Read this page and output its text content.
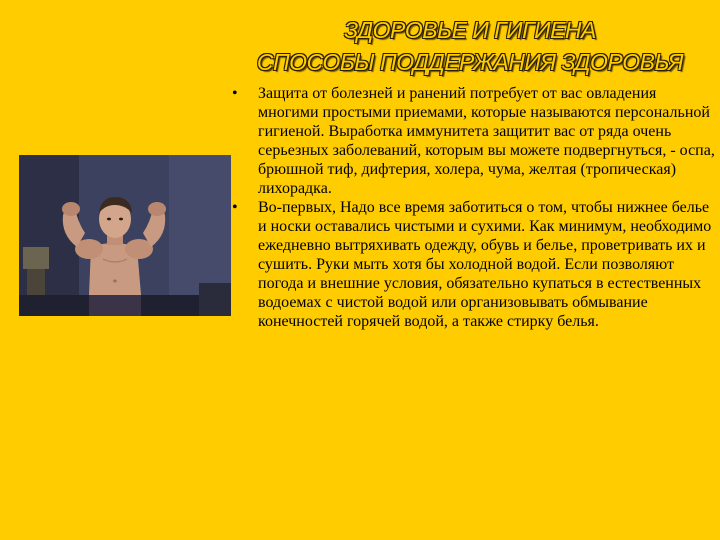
ЗДОРОВЬЕ И ГИГИЕНА
СПОСОБЫ ПОДДЕРЖАНИЯ ЗДОРОВЬЯ
•	Защита от болезней и ранений потребует от вас овладения многими простыми приемами, которые называются персональной гигиеной. Выработка иммунитета защитит вас от ряда очень серьезных заболеваний, которым вы можете подвергнуться, - оспа, брюшной тиф, дифтерия, холера, чума, желтая (тропическая) лихорадка.
•	Во-первых, Надо все время заботиться о том, чтобы нижнее белье и носки оставались чистыми и сухими. Как минимум, необходимо ежедневно вытряхивать одежду, обувь и белье, проветривать их и сушить. Руки мыть хотя бы холодной водой. Если позволяют погода и внешние условия, обязательно купаться в естественных водоемах с чистой водой или организовывать обмывание конечностей горячей водой, а также стирку белья.
